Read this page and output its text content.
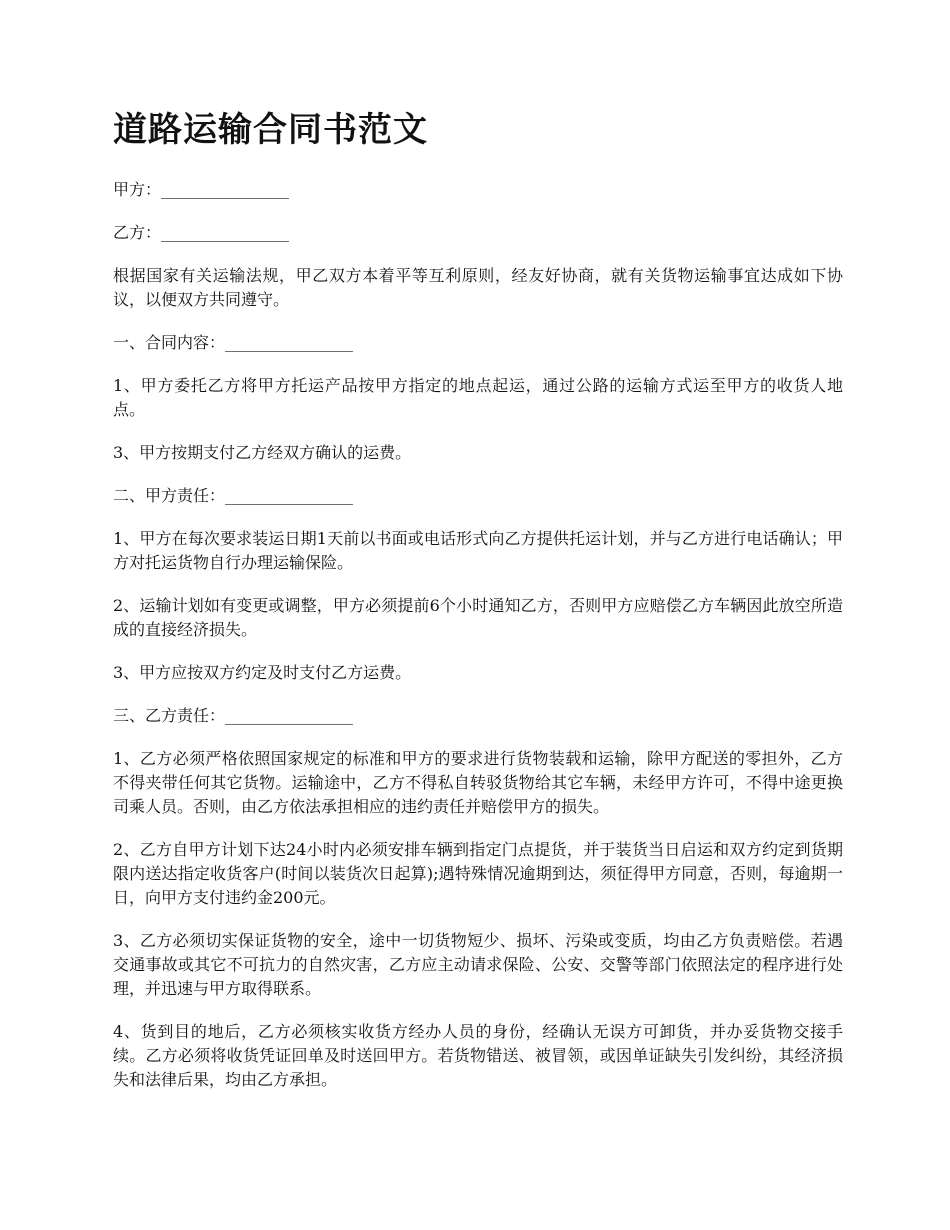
道路运输合同书范文

甲方：________________

乙方：________________

根据国家有关运输法规，甲乙双方本着平等互利原则，经友好协商，就有关货物运输事宜达成如下协议，以便双方共同遵守。

一、合同内容：________________

1、甲方委托乙方将甲方托运产品按甲方指定的地点起运，通过公路的运输方式运至甲方的收货人地点。

3、甲方按期支付乙方经双方确认的运费。

二、甲方责任：________________

1、甲方在每次要求装运日期1天前以书面或电话形式向乙方提供托运计划，并与乙方进行电话确认；甲方对托运货物自行办理运输保险。

2、运输计划如有变更或调整，甲方必须提前6个小时通知乙方，否则甲方应赔偿乙方车辆因此放空所造成的直接经济损失。

3、甲方应按双方约定及时支付乙方运费。

三、乙方责任：________________

1、乙方必须严格依照国家规定的标准和甲方的要求进行货物装载和运输，除甲方配送的零担外，乙方不得夹带任何其它货物。运输途中，乙方不得私自转驳货物给其它车辆，未经甲方许可，不得中途更换司乘人员。否则，由乙方依法承担相应的违约责任并赔偿甲方的损失。

2、乙方自甲方计划下达24小时内必须安排车辆到指定门点提货，并于装货当日启运和双方约定到货期限内送达指定收货客户(时间以装货次日起算);遇特殊情况逾期到达，须征得甲方同意，否则，每逾期一日，向甲方支付违约金200元。

3、乙方必须切实保证货物的安全，途中一切货物短少、损坏、污染或变质，均由乙方负责赔偿。若遇交通事故或其它不可抗力的自然灾害，乙方应主动请求保险、公安、交警等部门依照法定的程序进行处理，并迅速与甲方取得联系。

4、货到目的地后，乙方必须核实收货方经办人员的身份，经确认无误方可卸货，并办妥货物交接手续。乙方必须将收货凭证回单及时送回甲方。若货物错送、被冒领，或因单证缺失引发纠纷，其经济损失和法律后果，均由乙方承担。
